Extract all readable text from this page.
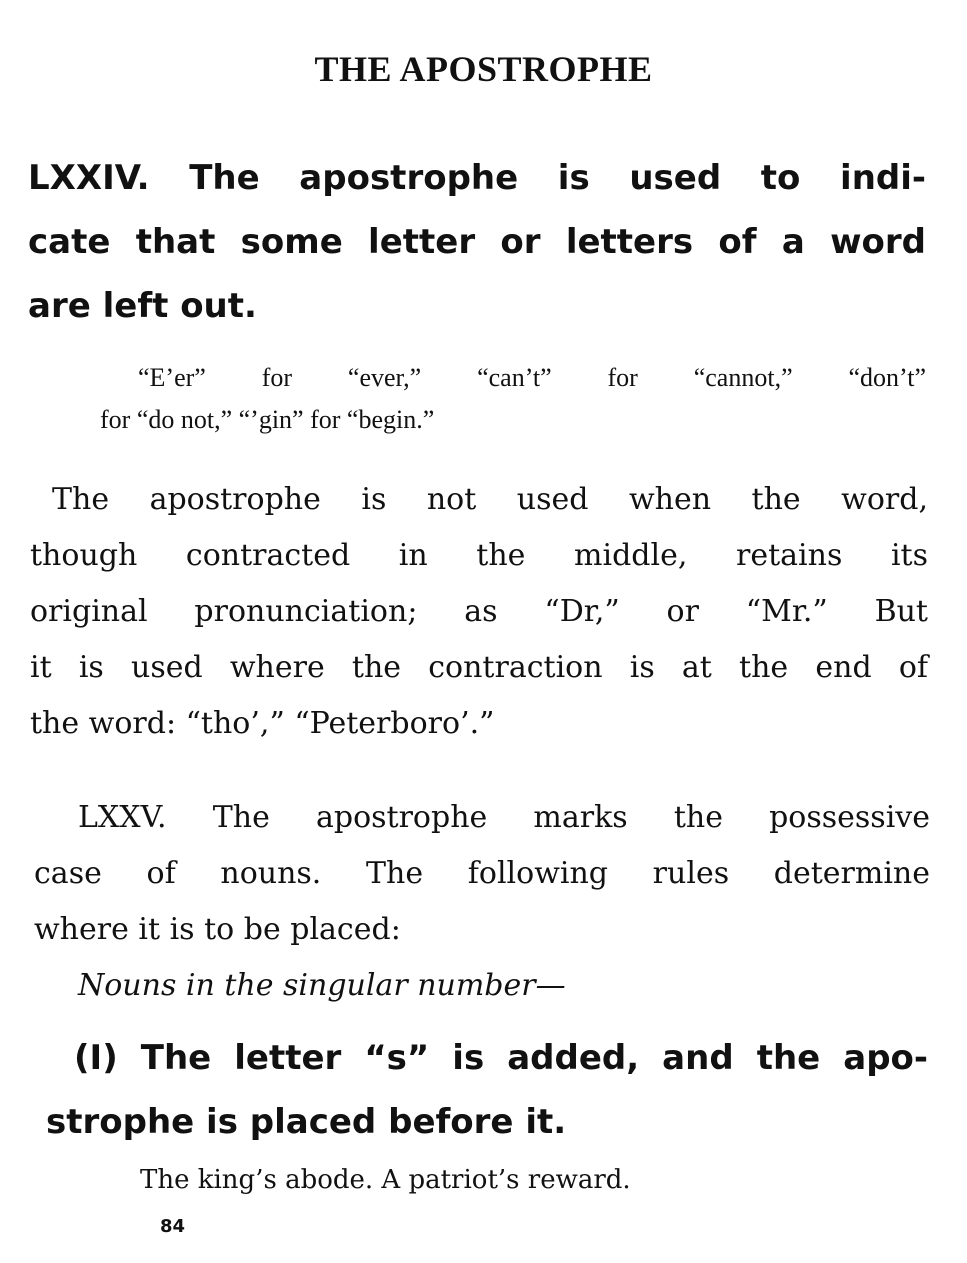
THE APOSTROPHE
LXXIV. The apostrophe is used to indi-
cate that some letter or letters of a word
are left out.
“E’er” for “ever,” “can’t” for “cannot,” “don’t”
for “do not,” “’gin” for “begin.”
The apostrophe is not used when the word,
though contracted in the middle, retains its
original pronunciation; as “Dr,” or “Mr.” But
it is used where the contraction is at the end of
the word: “tho’,” “Peterboro’.”
LXXV. The apostrophe marks the possessive
case of nouns. The following rules determine
where it is to be placed:
Nouns in the singular number—
(I) The letter “s” is added, and the apo-
strophe is placed before it.
The king’s abode. A patriot’s reward.
84
